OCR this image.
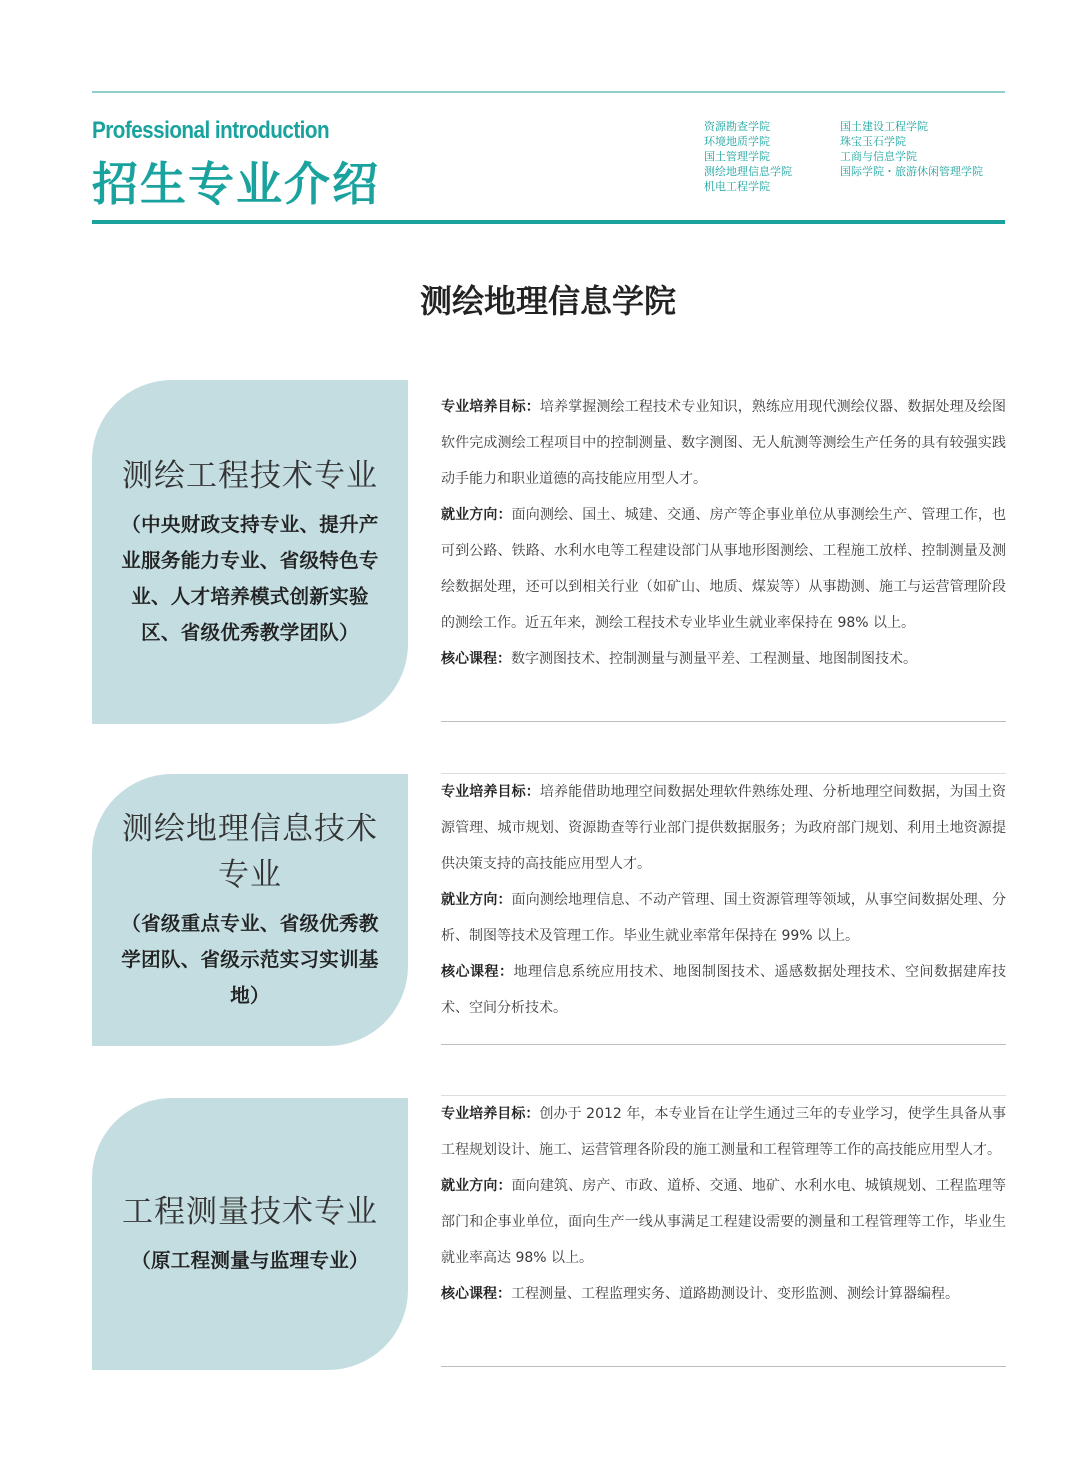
Professional introduction
招生专业介绍
资源勘查学院
环境地质学院
国土管理学院
测绘地理信息学院
机电工程学院
国土建设工程学院
珠宝玉石学院
工商与信息学院
国际学院・旅游休闲管理学院
测绘地理信息学院
测绘工程技术专业
（中央财政支持专业、提升产业服务能力专业、省级特色专业、人才培养模式创新实验区、省级优秀教学团队）

专业培养目标：培养掌握测绘工程技术专业知识，熟练应用现代测绘仪器、数据处理及绘图软件完成测绘工程项目中的控制测量、数字测图、无人航测等测绘生产任务的具有较强实践动手能力和职业道德的高技能应用型人才。

就业方向：面向测绘、国土、城建、交通、房产等企事业单位从事测绘生产、管理工作，也可到公路、铁路、水利水电等工程建设部门从事地形图测绘、工程施工放样、控制测量及测绘数据处理，还可以到相关行业（如矿山、地质、煤炭等）从事勘测、施工与运营管理阶段的测绘工作。近五年来，测绘工程技术专业毕业生就业率保持在 98% 以上。

核心课程：数字测图技术、控制测量与测量平差、工程测量、地图制图技术。

测绘地理信息技术专业
（省级重点专业、省级优秀教学团队、省级示范实习实训基地）

专业培养目标：培养能借助地理空间数据处理软件熟练处理、分析地理空间数据，为国土资源管理、城市规划、资源勘查等行业部门提供数据服务；为政府部门规划、利用土地资源提供决策支持的高技能应用型人才。

就业方向：面向测绘地理信息、不动产管理、国土资源管理等领域，从事空间数据处理、分析、制图等技术及管理工作。毕业生就业率常年保持在 99% 以上。

核心课程：地理信息系统应用技术、地图制图技术、遥感数据处理技术、空间数据建库技术、空间分析技术。

工程测量技术专业
（原工程测量与监理专业）

专业培养目标：创办于 2012 年，本专业旨在让学生通过三年的专业学习，使学生具备从事工程规划设计、施工、运营管理各阶段的施工测量和工程管理等工作的高技能应用型人才。

就业方向：面向建筑、房产、市政、道桥、交通、地矿、水利水电、城镇规划、工程监理等部门和企事业单位，面向生产一线从事满足工程建设需要的测量和工程管理等工作，毕业生就业率高达 98% 以上。

核心课程：工程测量、工程监理实务、道路勘测设计、变形监测、测绘计算器编程。
